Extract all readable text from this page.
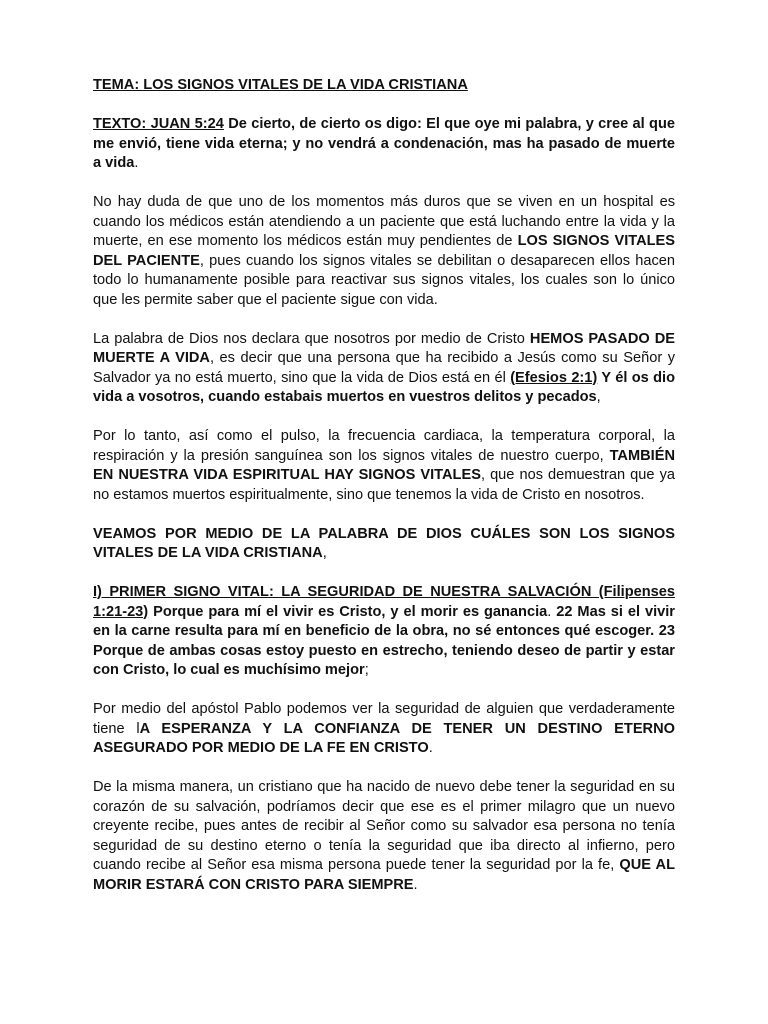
TEMA: LOS SIGNOS VITALES DE LA VIDA CRISTIANA

TEXTO: JUAN 5:24 De cierto, de cierto os digo: El que oye mi palabra, y cree al que me envió, tiene vida eterna; y no vendrá a condenación, mas ha pasado de muerte a vida.

No hay duda de que uno de los momentos más duros que se viven en un hospital es cuando los médicos están atendiendo a un paciente que está luchando entre la vida y la muerte, en ese momento los médicos están muy pendientes de LOS SIGNOS VITALES DEL PACIENTE, pues cuando los signos vitales se debilitan o desaparecen ellos hacen todo lo humanamente posible para reactivar sus signos vitales, los cuales son lo único que les permite saber que el paciente sigue con vida.

La palabra de Dios nos declara que nosotros por medio de Cristo HEMOS PASADO DE MUERTE A VIDA, es decir que una persona que ha recibido a Jesús como su Señor y Salvador ya no está muerto, sino que la vida de Dios está en él (Efesios 2:1) Y él os dio vida a vosotros, cuando estabais muertos en vuestros delitos y pecados,

Por lo tanto, así como el pulso, la frecuencia cardiaca, la temperatura corporal, la respiración y la presión sanguínea son los signos vitales de nuestro cuerpo, TAMBIÉN EN NUESTRA VIDA ESPIRITUAL HAY SIGNOS VITALES, que nos demuestran que ya no estamos muertos espiritualmente, sino que tenemos la vida de Cristo en nosotros.

VEAMOS POR MEDIO DE LA PALABRA DE DIOS CUÁLES SON LOS SIGNOS VITALES DE LA VIDA CRISTIANA,

I) PRIMER SIGNO VITAL: LA SEGURIDAD DE NUESTRA SALVACIÓN (Filipenses 1:21-23) Porque para mí el vivir es Cristo, y el morir es ganancia. 22 Mas si el vivir en la carne resulta para mí en beneficio de la obra, no sé entonces qué escoger. 23 Porque de ambas cosas estoy puesto en estrecho, teniendo deseo de partir y estar con Cristo, lo cual es muchísimo mejor;

Por medio del apóstol Pablo podemos ver la seguridad de alguien que verdaderamente tiene lA ESPERANZA Y LA CONFIANZA DE TENER UN DESTINO ETERNO ASEGURADO POR MEDIO DE LA FE EN CRISTO.

De la misma manera, un cristiano que ha nacido de nuevo debe tener la seguridad en su corazón de su salvación, podríamos decir que ese es el primer milagro que un nuevo creyente recibe, pues antes de recibir al Señor como su salvador esa persona no tenía seguridad de su destino eterno o tenía la seguridad que iba directo al infierno, pero cuando recibe al Señor esa misma persona puede tener la seguridad por la fe, QUE AL MORIR ESTARÁ CON CRISTO PARA SIEMPRE.
